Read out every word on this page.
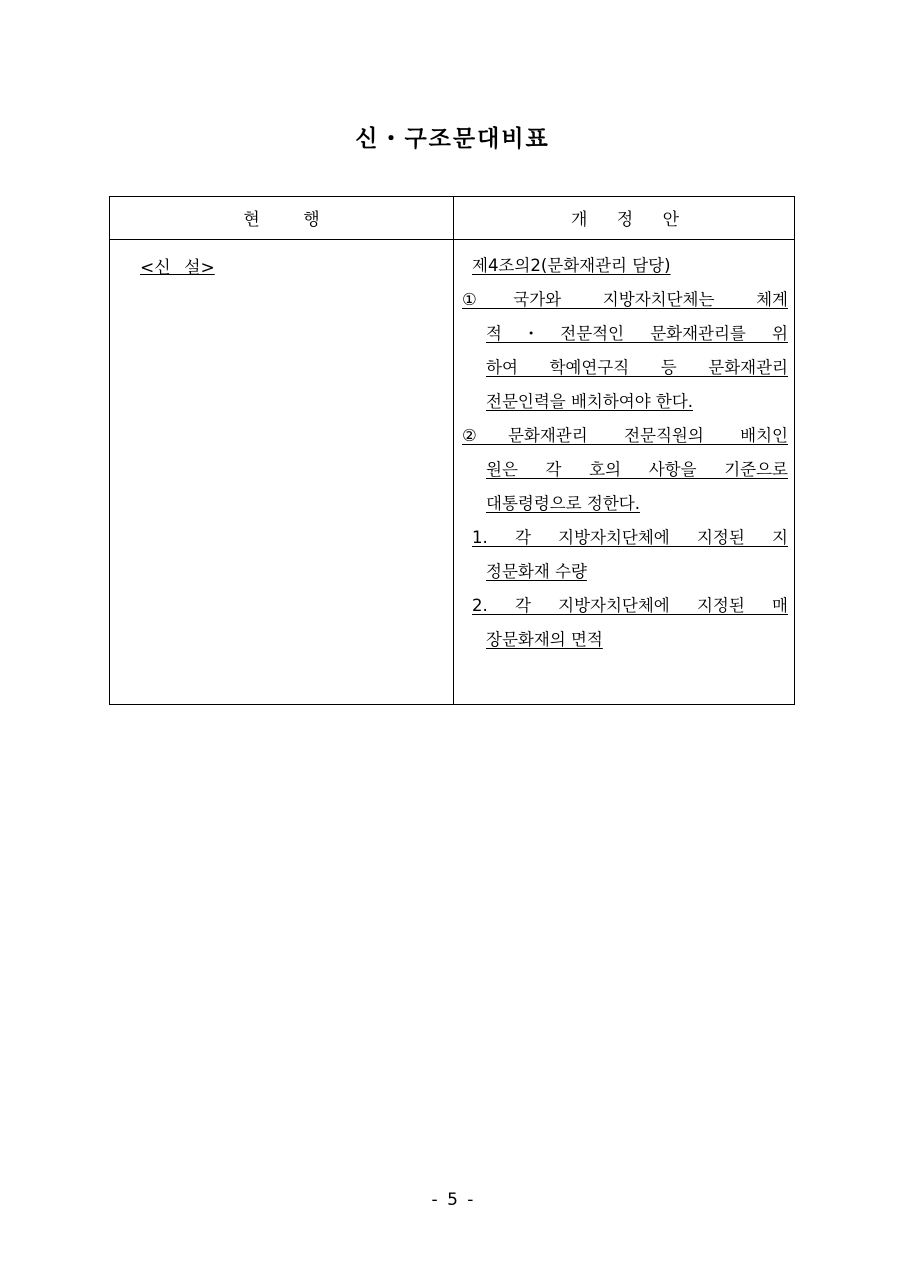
신・구조문대비표
현 행	개 정 안
<신 설>	제4조의2(문화재관리 담당)
①국가와 지방자치단체는 체계
적・전문적인 문화재관리를 위
하여 학예연구직 등 문화재관리
전문인력을 배치하여야 한다.
②문화재관리 전문직원의 배치인
원은 각 호의 사항을 기준으로
대통령령으로 정한다.
1. 각 지방자치단체에 지정된 지
정문화재 수량
2. 각 지방자치단체에 지정된 매
장문화재의 면적
- 5 -
